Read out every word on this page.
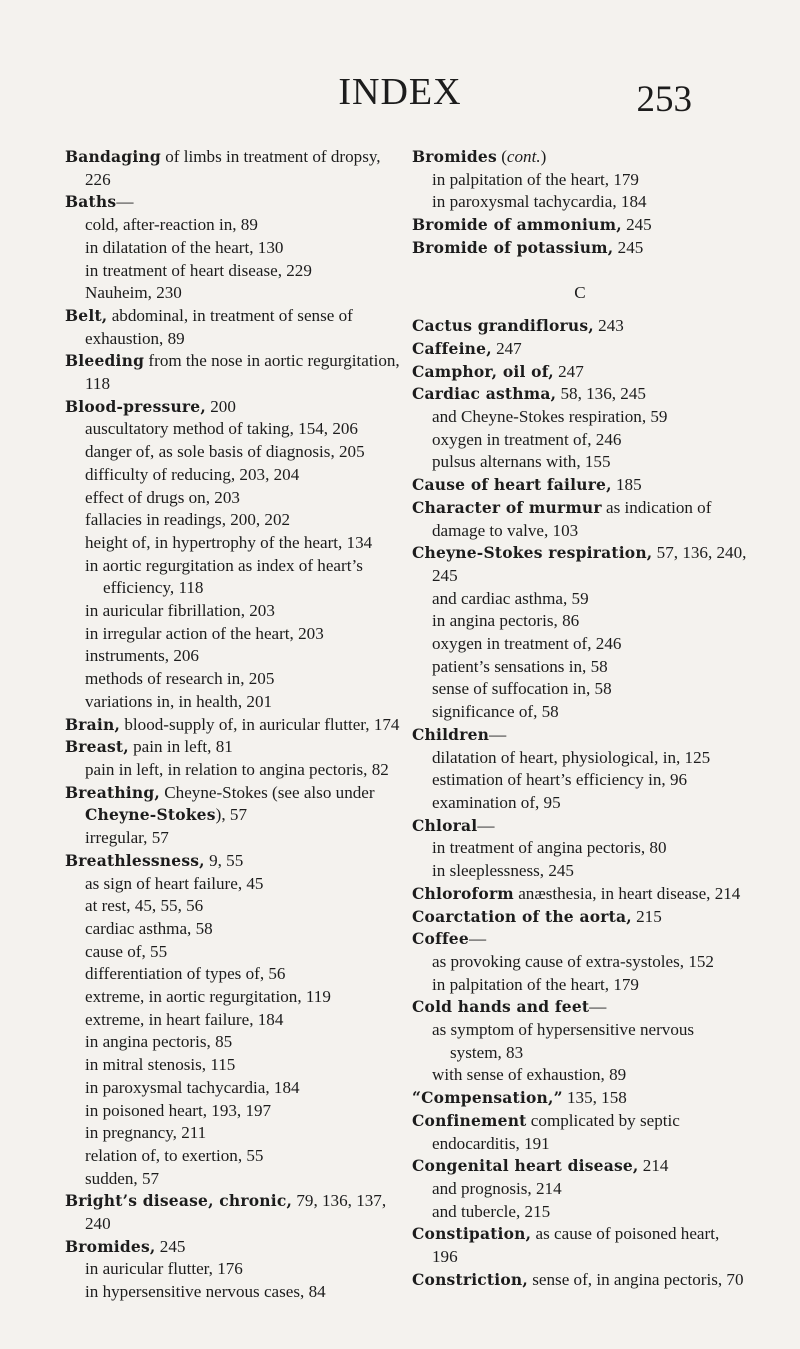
INDEX	253

Bandaging of limbs in treatment of dropsy, 226

Baths—

cold, after-reaction in, 89

in dilatation of the heart, 130

in treatment of heart disease, 229

Nauheim, 230

Belt, abdominal, in treatment of sense of exhaustion, 89

Bleeding from the nose in aortic regurgitation, 118

Blood-pressure, 200

auscultatory method of taking, 154, 206

danger of, as sole basis of diagnosis, 205

difficulty of reducing, 203, 204

effect of drugs on, 203

fallacies in readings, 200, 202

height of, in hypertrophy of the heart, 134

in aortic regurgitation as index of heart’s efficiency, 118

in auricular fibrillation, 203

in irregular action of the heart, 203

instruments, 206

methods of research in, 205

variations in, in health, 201

Brain, blood-supply of, in auricular flutter, 174

Breast, pain in left, 81

pain in left, in relation to angina pectoris, 82

Breathing, Cheyne-Stokes (see also under Cheyne-Stokes), 57

irregular, 57

Breathlessness, 9, 55

as sign of heart failure, 45

at rest, 45, 55, 56

cardiac asthma, 58

cause of, 55

differentiation of types of, 56

extreme, in aortic regurgitation, 119

extreme, in heart failure, 184

in angina pectoris, 85

in mitral stenosis, 115

in paroxysmal tachycardia, 184

in poisoned heart, 193, 197

in pregnancy, 211

relation of, to exertion, 55

sudden, 57

Bright’s disease, chronic, 79, 136, 137, 240

Bromides, 245

in auricular flutter, 176

in hypersensitive nervous cases, 84

Bromides (cont.)

in palpitation of the heart, 179

in paroxysmal tachycardia, 184

Bromide of ammonium, 245

Bromide of potassium, 245

C

Cactus grandiflorus, 243

Caffeine, 247

Camphor, oil of, 247

Cardiac asthma, 58, 136, 245

and Cheyne-Stokes respiration, 59

oxygen in treatment of, 246

pulsus alternans with, 155

Cause of heart failure, 185

Character of murmur as indication of damage to valve, 103

Cheyne-Stokes respiration, 57, 136, 240, 245

and cardiac asthma, 59

in angina pectoris, 86

oxygen in treatment of, 246

patient’s sensations in, 58

sense of suffocation in, 58

significance of, 58

Children—

dilatation of heart, physiological, in, 125

estimation of heart’s efficiency in, 96

examination of, 95

Chloral—

in treatment of angina pectoris, 80

in sleeplessness, 245

Chloroform anæsthesia, in heart disease, 214

Coarctation of the aorta, 215

Coffee—

as provoking cause of extra-systoles, 152

in palpitation of the heart, 179

Cold hands and feet—

as symptom of hypersensitive nervous system, 83

with sense of exhaustion, 89

“Compensation,” 135, 158

Confinement complicated by septic endocarditis, 191

Congenital heart disease, 214

and prognosis, 214

and tubercle, 215

Constipation, as cause of poisoned heart, 196

Constriction, sense of, in angina pectoris, 70
